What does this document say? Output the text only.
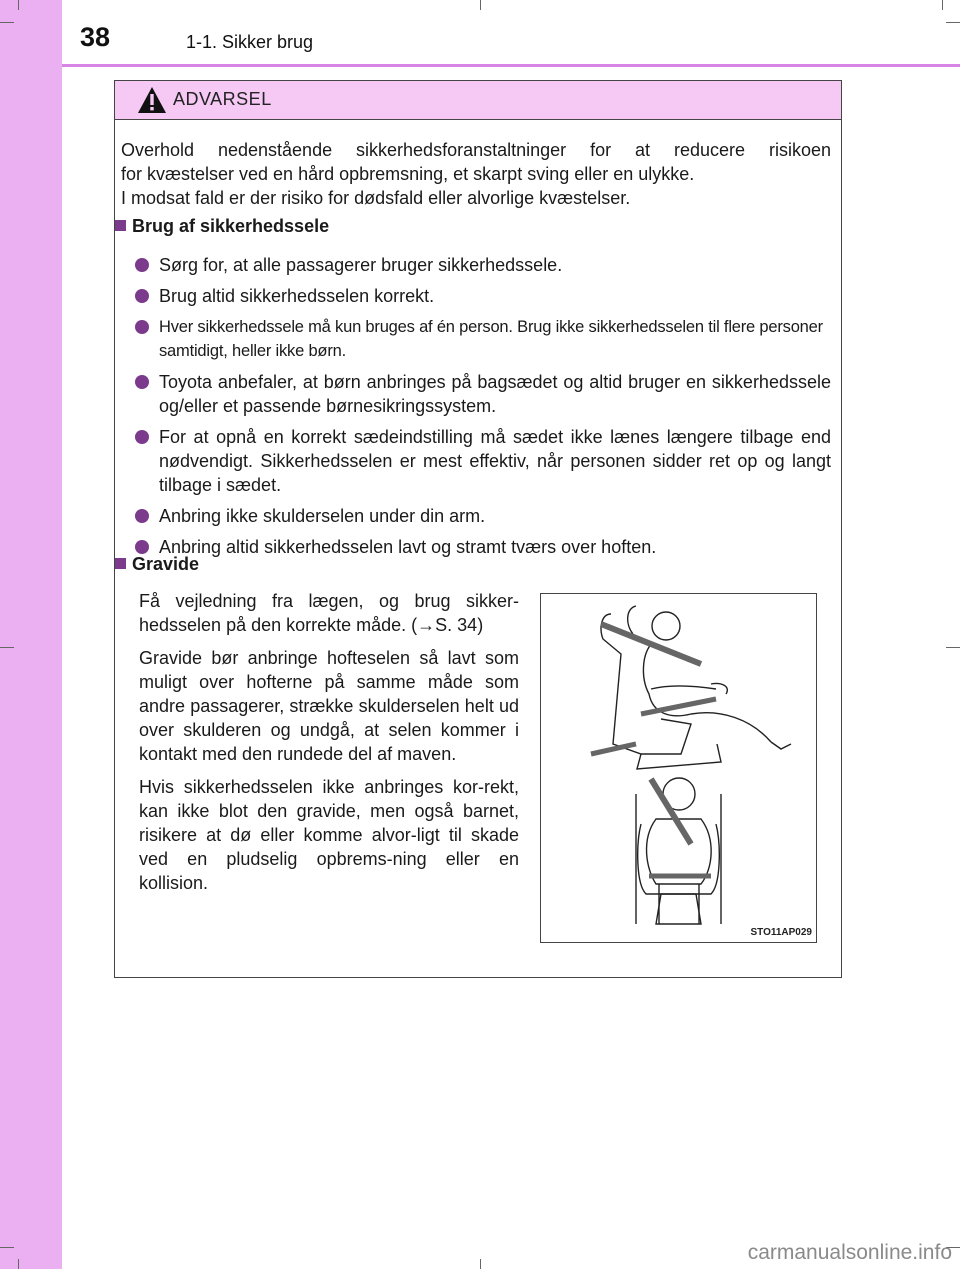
38	1-1. Sikker brug
ADVARSEL

Overhold nedenstående sikkerhedsforanstaltninger for at reducere risikoen

for kvæstelser ved en hård opbremsning, et skarpt sving eller en ulykke.

I modsat fald er der risiko for dødsfald eller alvorlige kvæstelser.

Brug af sikkerhedssele
Sørg for, at alle passagerer bruger sikkerhedssele.
Brug altid sikkerhedsselen korrekt.
Hver sikkerhedssele må kun bruges af én person. Brug ikke sikkerhedsselen til flere personer samtidigt, heller ikke børn.
Toyota anbefaler, at børn anbringes på bagsædet og altid bruger en sikkerhedssele og/eller et passende børnesikringssystem.
For at opnå en korrekt sædeindstilling må sædet ikke lænes længere tilbage end nødvendigt. Sikkerhedsselen er mest effektiv, når personen sidder ret op og langt tilbage i sædet.
Anbring ikke skulderselen under din arm.
Anbring altid sikkerhedsselen lavt og stramt tværs over hoften.
Gravide

Få vejledning fra lægen, og brug sikker-hedsselen på den korrekte måde. (→S. 34)

Gravide bør anbringe hofteselen så lavt som muligt over hofterne på samme måde som andre passagerer, strække skulderselen helt ud over skulderen og undgå, at selen kommer i kontakt med den rundede del af maven.

Hvis sikkerhedsselen ikke anbringes kor-rekt, kan ikke blot den gravide, men også barnet, risikere at dø eller komme alvor-ligt til skade ved en pludselig opbrems-ning eller en kollision.

STO11AP029
carmanualsonline.info
